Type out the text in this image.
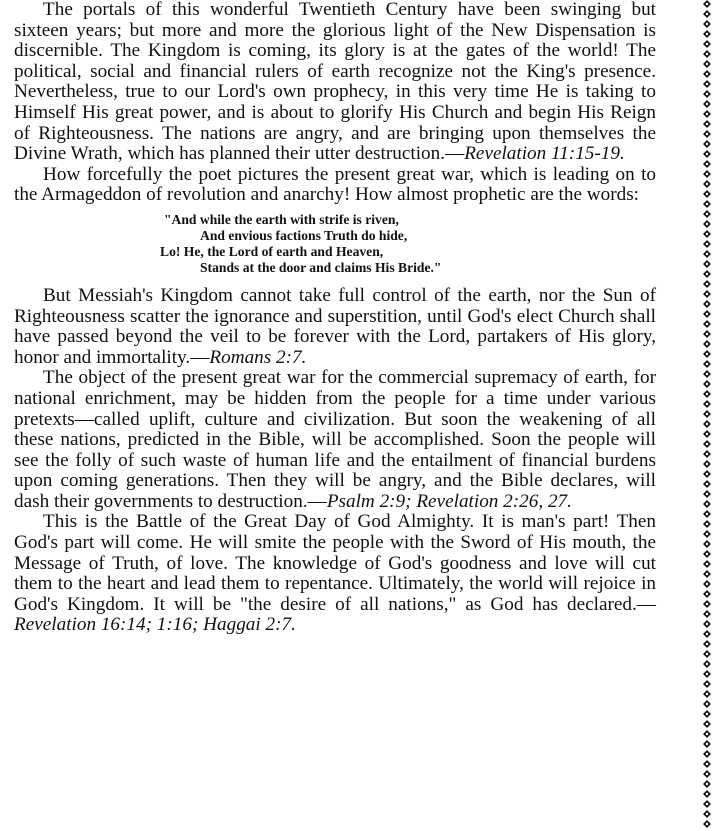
The portals of this wonderful Twentieth Century have been swinging but sixteen years; but more and more the glorious light of the New Dispensation is discernible. The Kingdom is coming, its glory is at the gates of the world! The political, social and financial rulers of earth recognize not the King's presence. Nevertheless, true to our Lord's own prophecy, in this very time He is taking to Himself His great power, and is about to glorify His Church and begin His Reign of Righteousness. The nations are angry, and are bringing upon themselves the Divine Wrath, which has planned their utter destruction.—Revelation 11:15-19.

How forcefully the poet pictures the present great war, which is leading on to the Armageddon of revolution and anarchy! How almost prophetic are the words:

"And while the earth with strife is riven,
And envious factions Truth do hide,
Lo! He, the Lord of earth and Heaven,
Stands at the door and claims His Bride."

But Messiah's Kingdom cannot take full control of the earth, nor the Sun of Righteousness scatter the ignorance and superstition, until God's elect Church shall have passed beyond the veil to be forever with the Lord, partakers of His glory, honor and immortality.—Romans 2:7.

The object of the present great war for the commercial supremacy of earth, for national enrichment, may be hidden from the people for a time under various pretexts—called uplift, culture and civilization. But soon the weakening of all these nations, predicted in the Bible, will be accomplished. Soon the people will see the folly of such waste of human life and the entailment of financial burdens upon coming generations. Then they will be angry, and the Bible declares, will dash their governments to destruction.—Psalm 2:9; Revelation 2:26, 27.

This is the Battle of the Great Day of God Almighty. It is man's part! Then God's part will come. He will smite the people with the Sword of His mouth, the Message of Truth, of love. The knowledge of God's goodness and love will cut them to the heart and lead them to repentance. Ultimately, the world will rejoice in God's Kingdom. It will be "the desire of all nations," as God has declared.—Revelation 16:14; 1:16; Haggai 2:7.
